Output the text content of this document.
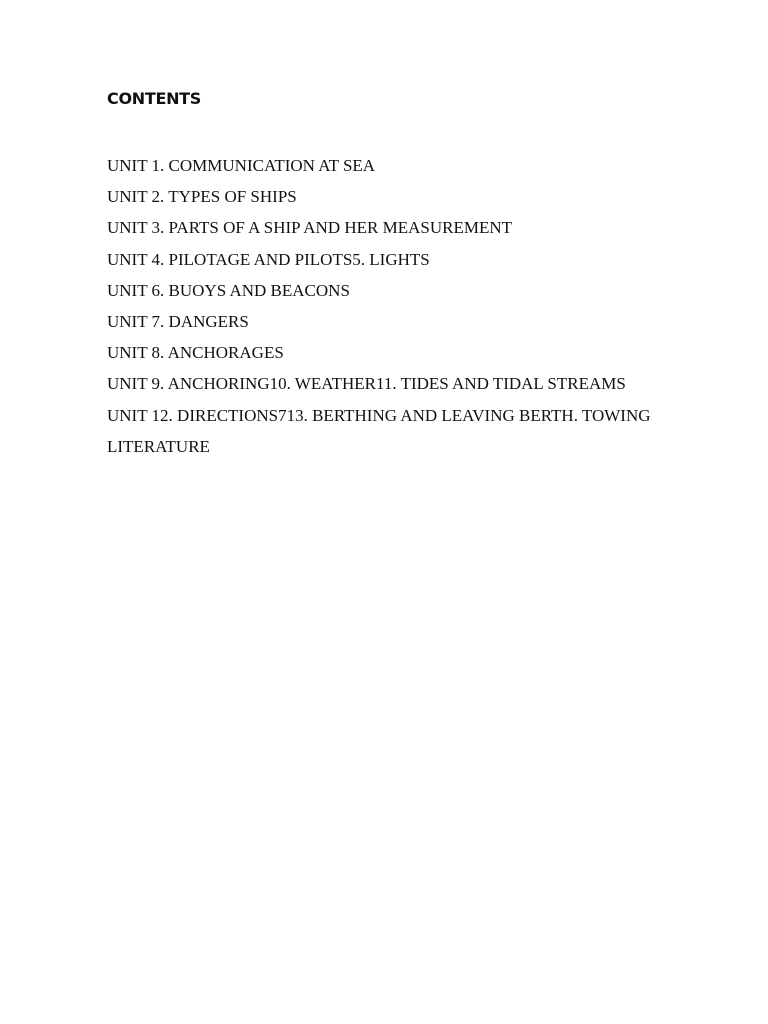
CONTENTS
UNIT 1. COMMUNICATION AT SEA
UNIT 2. TYPES OF SHIPS
UNIT 3. PARTS OF A SHIP AND HER MEASUREMENT
UNIT 4. PILOTAGE AND PILOTS5. LIGHTS
UNIT 6. BUOYS AND BEACONS
UNIT 7. DANGERS
UNIT 8. ANCHORAGES
UNIT 9. ANCHORING10. WEATHER11. TIDES AND TIDAL STREAMS
UNIT 12. DIRECTIONS713. BERTHING AND LEAVING BERTH. TOWING
LITERATURE
